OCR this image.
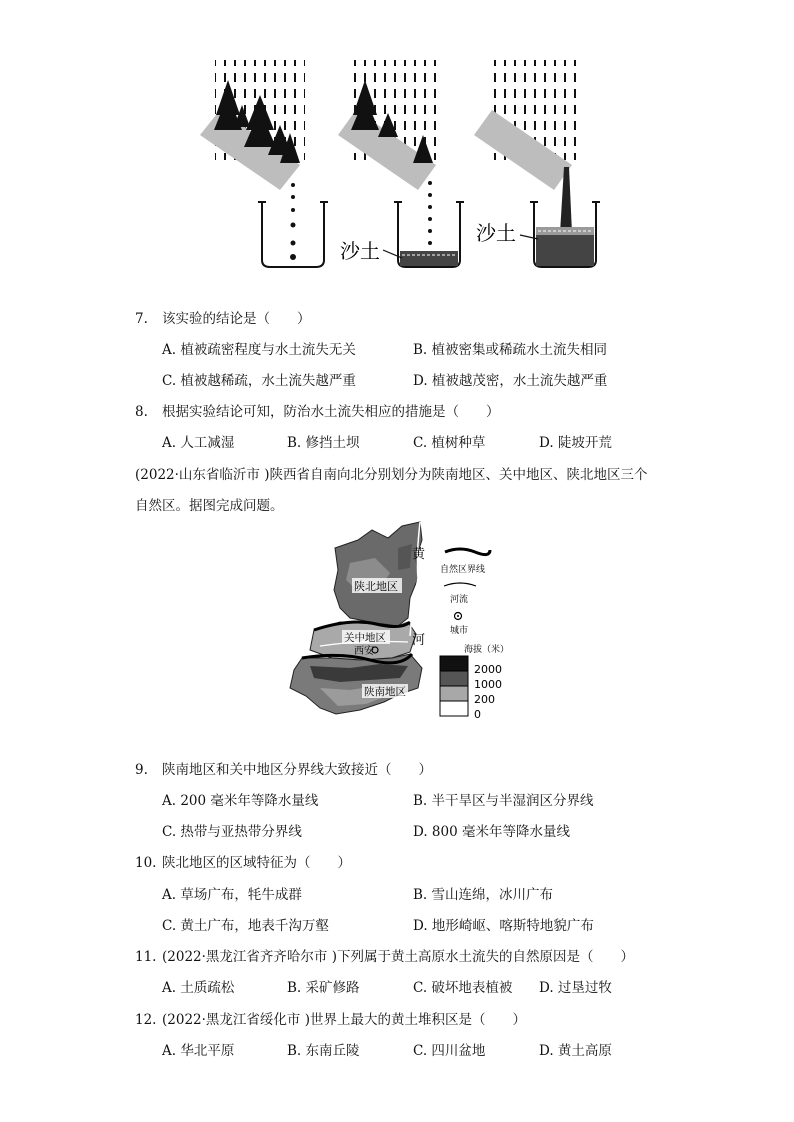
沙土
沙土
7. 该实验的结论是（　　）
A. 植被疏密程度与水土流失无关	B. 植被密集或稀疏水土流失相同
C. 植被越稀疏，水土流失越严重	D. 植被越茂密，水土流失越严重
8. 根据实验结论可知，防治水土流失相应的措施是（　　）
A. 人工减湿	B. 修挡土坝	C. 植树种草	D. 陡坡开荒
(2022·山东省临沂市 )陕西省自南向北分别划分为陕南地区、关中地区、陕北地区三个
自然区。据图完成问题。
陕北地区
关中地区
西安
陕南地区
黄
河
自然区界线
河流
城市
海拔（米）
2000
1000
200
0
9. 陕南地区和关中地区分界线大致接近（　　）
A. 200 毫米年等降水量线	B. 半干旱区与半湿润区分界线
C. 热带与亚热带分界线	D. 800 毫米年等降水量线
10. 陕北地区的区域特征为（　　）
A. 草场广布，牦牛成群	B. 雪山连绵，冰川广布
C. 黄土广布，地表千沟万壑	D. 地形崎岖、喀斯特地貌广布
11. (2022·黑龙江省齐齐哈尔市 )下列属于黄土高原水土流失的自然原因是（　　）
A. 土质疏松	B. 采矿修路	C. 破坏地表植被 D. 过垦过牧
12. (2022·黑龙江省绥化市 )世界上最大的黄土堆积区是（　　）
A. 华北平原	B. 东南丘陵	C. 四川盆地	D. 黄土高原
